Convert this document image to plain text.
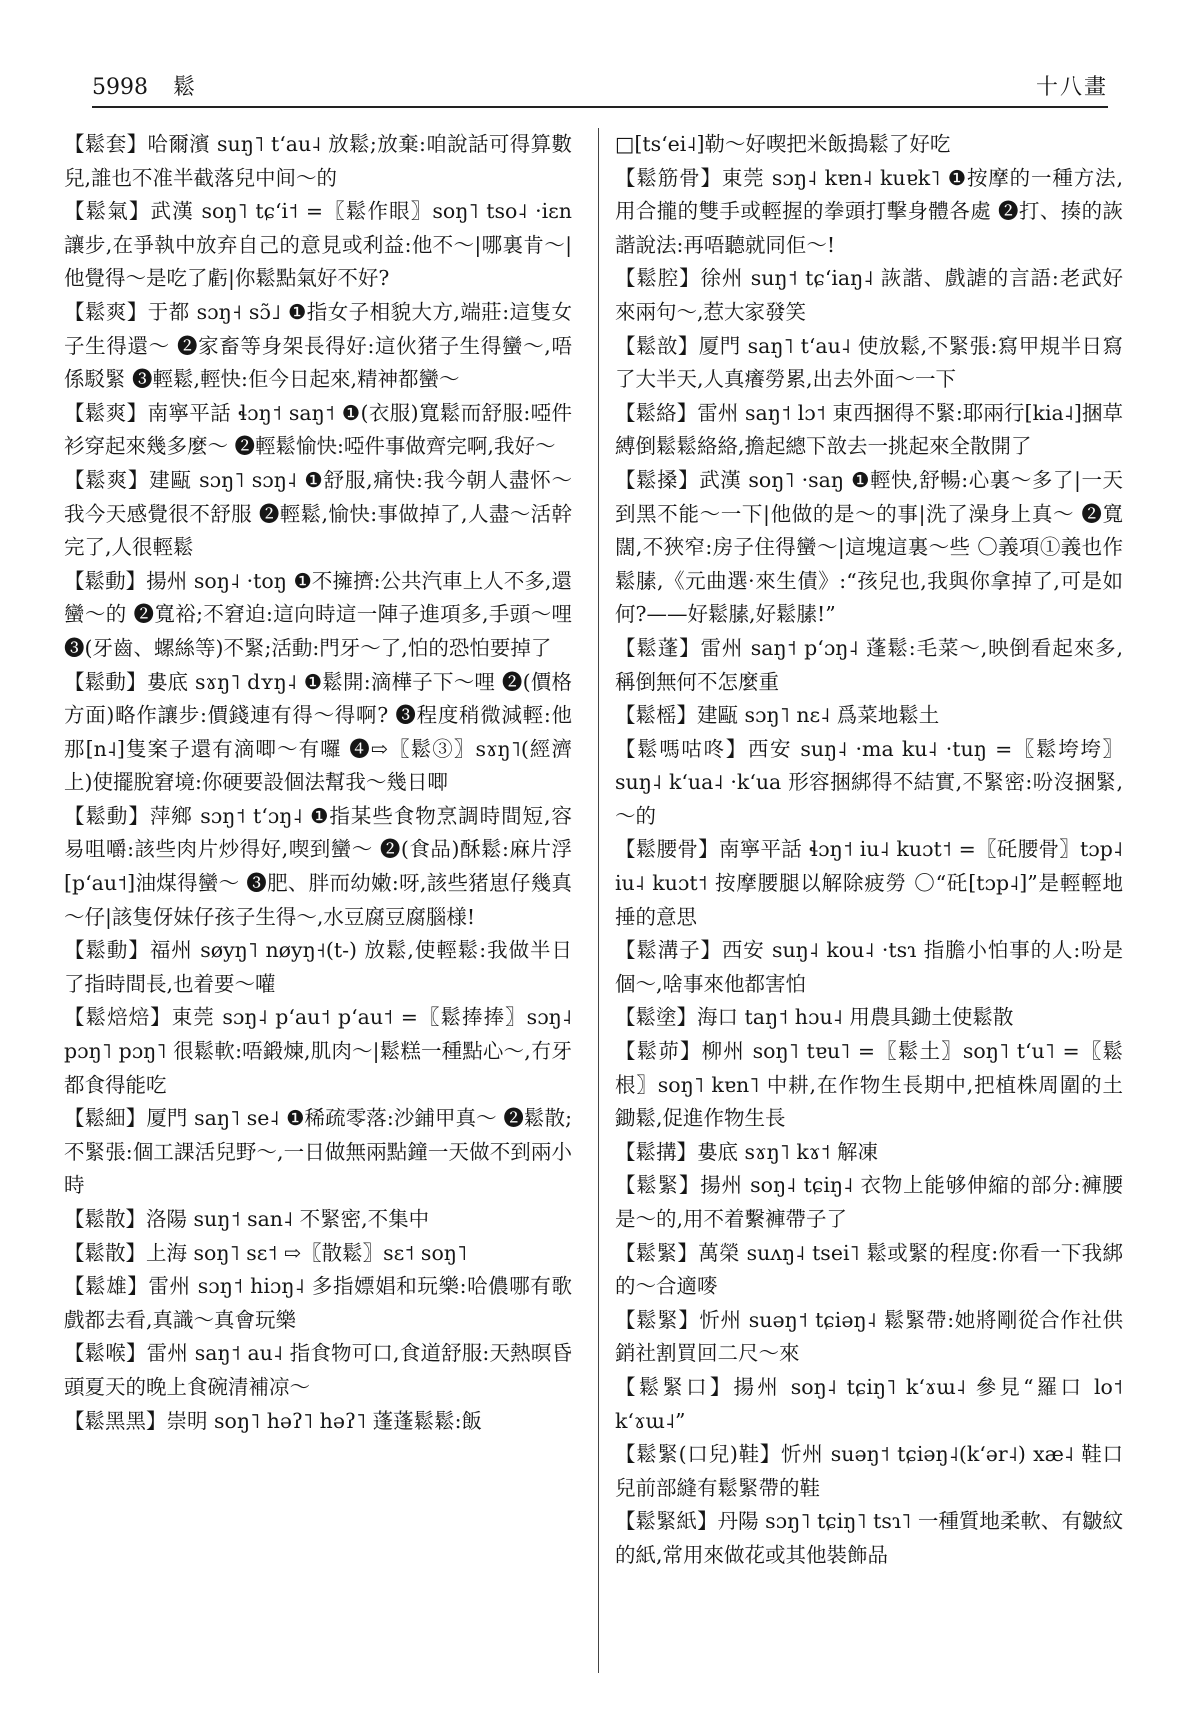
5998 鬆	十八畫

【鬆套】哈爾濱 suŋ˥ tʻau˨ 放鬆;放棄:咱說話可得算數兒,誰也不准半截落兒中间～的

【鬆氣】武漢 soŋ˥ tɕʻi˦ =〖鬆作眼〗soŋ˥ tso˨ ·iɛn 讓步,在爭執中放弃自己的意見或利益:他不～|哪裏肯～|他覺得～是吃了虧|你鬆點氣好不好?

【鬆爽】于都 sɔŋ˧ sɔ̃˩ ❶指女子相貌大方,端莊:這隻女子生得還～ ❷家畜等身架長得好:這伙猪子生得蠻～,唔係駁緊 ❸輕鬆,輕快:佢今日起來,精神都蠻～

【鬆爽】南寧平話 ɬɔŋ˦ saŋ˦ ❶(衣服)寬鬆而舒服:啞件衫穿起來幾多麼～ ❷輕鬆愉快:啞件事做齊完啊,我好～

【鬆爽】建甌 sɔŋ˥ sɔŋ˨ ❶舒服,痛快:我今朝人盡怀～我今天感覺很不舒服 ❷輕鬆,愉快:事做掉了,人盡～活幹完了,人很輕鬆

【鬆動】揚州 soŋ˨ ·toŋ ❶不擁擠:公共汽車上人不多,還蠻～的 ❷寬裕;不窘迫:這向時這一陣子進項多,手頭～哩 ❸(牙齒、螺絲等)不緊;活動:門牙～了,怕的恐怕要掉了

【鬆動】婁底 sɤŋ˥ dʏŋ˨ ❶鬆開:滴樺子下～哩 ❷(價格方面)略作讓步:價錢連有得～得啊? ❸程度稍微減輕:他那[n˨]隻案子還有滴唧～有囉 ❹⇨〖鬆③〗sɤŋ˥(經濟上)使擺脫窘境:你硬要設個法幫我～幾日唧

【鬆動】萍鄉 sɔŋ˦ tʻɔŋ˨ ❶指某些食物烹調時間短,容易咀嚼:該些肉片炒得好,喫到蠻～ ❷(食品)酥鬆:麻片浮[pʻau˦]油煤得蠻～ ❸肥、胖而幼嫩:呀,該些猪崽仔幾真～仔|該隻伢妹仔孩子生得～,水豆腐豆腐腦様!

【鬆動】福州 søyŋ˥ nøyŋ˧(t-) 放鬆,使輕鬆:我做半日了指時間長,也着要～嚾

【鬆焙焙】東莞 sɔŋ˨ pʻau˦ pʻau˦ =〖鬆捧捧〗sɔŋ˨ pɔŋ˥ pɔŋ˥ 很鬆軟:唔鍛煉,肌肉～|鬆糕一種點心～,冇牙都食得能吃

【鬆細】厦門 saŋ˥ se˨ ❶稀疏零落:沙鋪甲真～ ❷鬆散;不緊張:個工課活兒野～,一日做無兩點鐘一天做不到兩小時

【鬆散】洛陽 suŋ˦ san˨ 不緊密,不集中

【鬆散】上海 soŋ˥ sɛ˦ ⇨〖散鬆〗sɛ˦ soŋ˥

【鬆雄】雷州 sɔŋ˦ hiɔŋ˨ 多指嫖娼和玩樂:哈儂哪有歌戲都去看,真識～真會玩樂

【鬆喉】雷州 saŋ˦ au˨ 指食物可口,食道舒服:天熱暝昏頭夏天的晚上食碗清補凉～

【鬆黑黑】崇明 soŋ˥ həʔ˥ həʔ˥ 蓬蓬鬆鬆:飯

□[tsʻei˨]勒～好喫把米飯搗鬆了好吃

【鬆筋骨】東莞 sɔŋ˨ kɐn˨ kuɐk˥ ❶按摩的一種方法,用合攏的雙手或輕握的拳頭打擊身體各處 ❷打、揍的詼諧說法:再唔聽就同佢～!

【鬆腔】徐州 suŋ˦ tɕʻiaŋ˨ 詼諧、戲謔的言語:老武好來兩句～,惹大家發笑

【鬆敨】厦門 saŋ˥ tʻau˨ 使放鬆,不緊張:寫甲規半日寫了大半天,人真癢勞累,出去外面～一下

【鬆絡】雷州 saŋ˦ lɔ˦ 東西捆得不緊:耶兩行[kia˨]捆草縛倒鬆鬆絡絡,擔起總下敨去一挑起來全散開了

【鬆搡】武漢 soŋ˥ ·saŋ ❶輕快,舒暢:心裏～多了|一天到黑不能～一下|他做的是～的事|洗了澡身上真～ ❷寬闊,不狹窄:房子住得蠻～|這塊這裏～些 〇義項①義也作鬆膆,《元曲選·來生債》:“孩兒也,我與你拿掉了,可是如何?——好鬆膆,好鬆膆!”

【鬆蓬】雷州 saŋ˦ pʻɔŋ˨ 蓬鬆:毛菜～,映倒看起來多,稱倒無何不怎麼重

【鬆榣】建甌 sɔŋ˥ nɛ˨ 爲菜地鬆土

【鬆嗎咕咚】西安 suŋ˨ ·ma ku˨ ·tuŋ =〖鬆垮垮〗suŋ˨ kʻua˨ ·kʻua 形容捆綁得不結實,不緊密:吩沒捆緊,～的

【鬆腰骨】南寧平話 ɬɔŋ˦ iu˨ kuɔt˦ =〖矺腰骨〗tɔp˨ iu˨ kuɔt˦ 按摩腰腿以解除疲勞 〇“矺[tɔp˨]”是輕輕地捶的意思

【鬆溝子】西安 suŋ˨ kou˨ ·tsɿ 指膽小怕事的人:吩是個～,啥事來他都害怕

【鬆塗】海口 taŋ˦ hɔu˨ 用農具鋤土使鬆散

【鬆茆】柳州 soŋ˥ tɐu˥ =〖鬆土〗soŋ˥ tʻu˥ =〖鬆根〗soŋ˥ kɐn˥ 中耕,在作物生長期中,把植株周圍的土鋤鬆,促進作物生長

【鬆搆】婁底 sɤŋ˥ kɤ˦ 解凍

【鬆緊】揚州 soŋ˨ tɕiŋ˨ 衣物上能够伸縮的部分:褲腰是～的,用不着繫褲帶子了

【鬆緊】萬榮 suʌŋ˨ tsei˥ 鬆或緊的程度:你看一下我綁的～合適嘜

【鬆緊】忻州 suəŋ˦ tɕiəŋ˨ 鬆緊帶:她將剛從合作社供銷社割買回二尺～來

【鬆緊口】揚州 soŋ˨ tɕiŋ˥ kʻɤɯ˨ 參見“羅口 lo˦ kʻɤɯ˨”

【鬆緊(口兒)鞋】忻州 suəŋ˦ tɕiəŋ˨(kʻər˨) xæ˨ 鞋口兒前部縫有鬆緊帶的鞋

【鬆緊紙】丹陽 sɔŋ˥ tɕiŋ˥ tsɿ˥ 一種質地柔軟、有皺紋的紙,常用來做花或其他裝飾品
